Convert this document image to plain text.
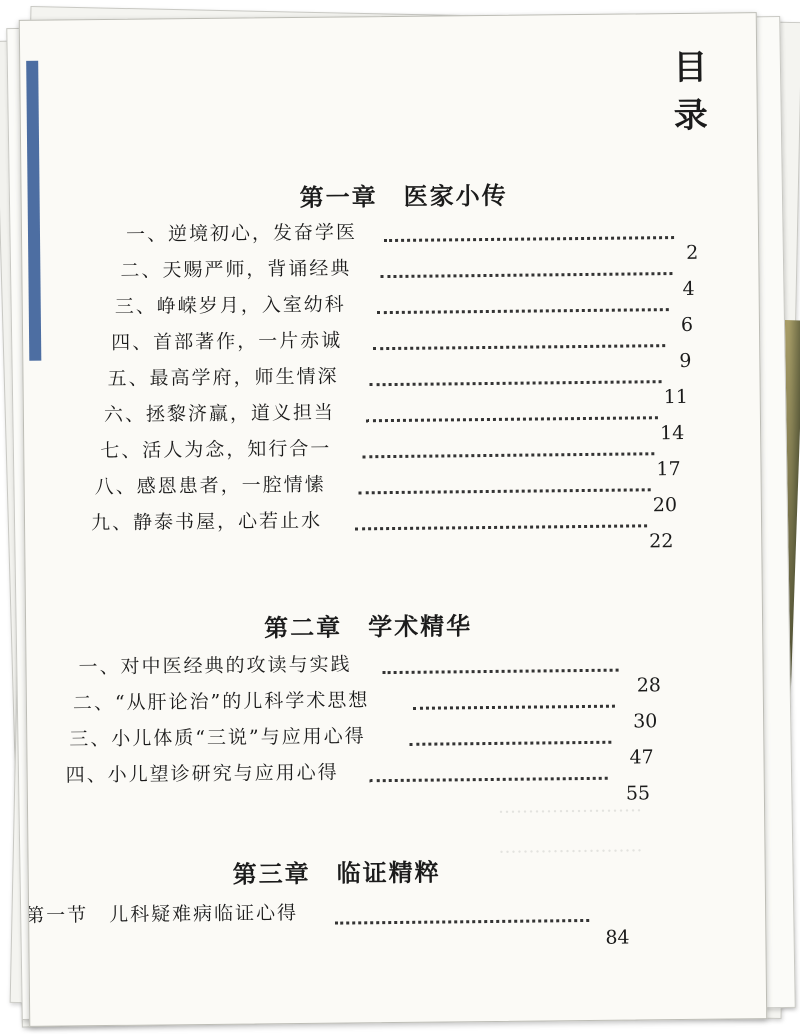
目
录
……………………
……………………
第一章　医家小传
一、逆境初心，发奋学医
2
二、天赐严师，背诵经典
4
三、峥嵘岁月，入室幼科
6
四、首部著作，一片赤诚
9
五、最高学府，师生情深
11
六、拯黎济羸，道义担当
14
七、活人为念，知行合一
17
八、感恩患者，一腔情愫
20
九、静泰书屋，心若止水
22
第二章　学术精华
一、对中医经典的攻读与实践
28
二、“从肝论治”的儿科学术思想
30
三、小儿体质“三说”与应用心得
47
四、小儿望诊研究与应用心得
55
第三章　临证精粹
第一节　儿科疑难病临证心得
84
